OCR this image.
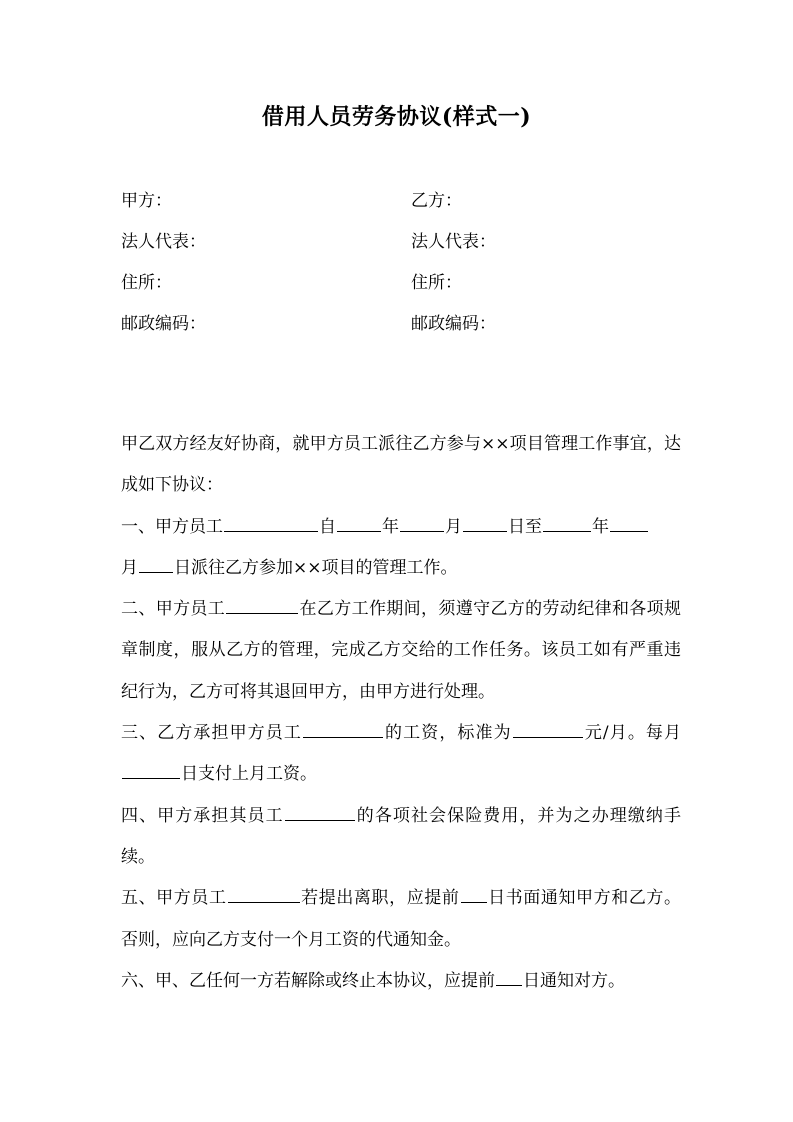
借用人员劳务协议(样式一)
甲方：	乙方：
法人代表：	法人代表：
住所：	住所：
邮政编码：	邮政编码：

甲乙双方经友好协商，就甲方员工派往乙方参与××项目管理工作事宜，达成如下协议：

一、甲方员工	自	年	月	日至	年
月 日派往乙方参加××项目的管理工作。

二、甲方员工	在乙方工作期间，须遵守乙方的劳动纪律和各项规章制度，服从乙方的管理，完成乙方交给的工作任务。该员工如有严重违纪行为，乙方可将其退回甲方，由甲方进行处理。

三、乙方承担甲方员工	的工资，标准为	元/月。每月日支付上月工资。

四、甲方承担其员工	的各项社会保险费用，并为之办理缴纳手续。

五、甲方员工	若提出离职，应提前 日书面通知甲方和乙方。否则，应向乙方支付一个月工资的代通知金。

六、甲、乙任何一方若解除或终止本协议，应提前 日通知对方。
